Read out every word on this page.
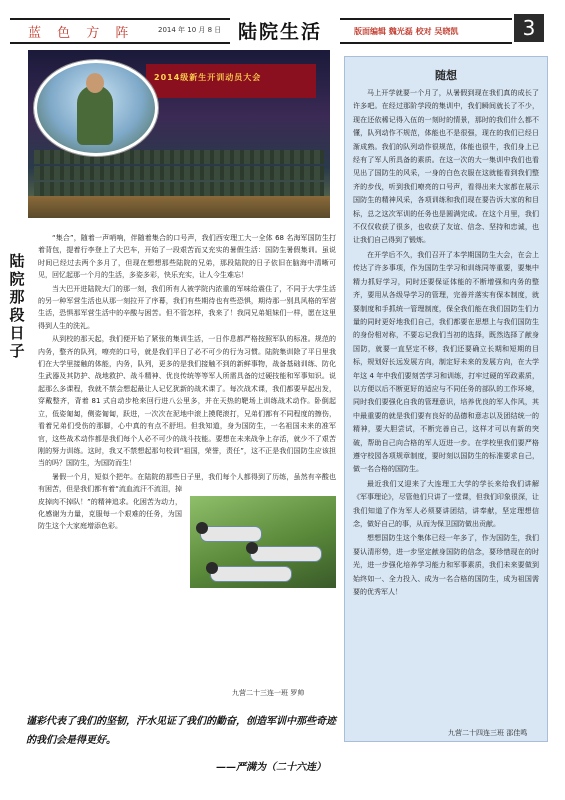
蓝 色 方 阵	2014 年 10 月 8 日 陆院生活	版面编辑 魏光磊 校对 吴晓凯	3
2014级新生开训动员大会
陆院那段日子

“集合”，随着一声哨响，伴随着集合的口号声，我们西安理工大一全体 68 名海军国防生打着背包，提着行李登上了大巴车，开始了一段艰苦而又充实的暑假生活：国防生暑假集训。虽说时间已经过去两个多月了，但现在想想那些陆院的兄弟，那段陆院的日子依旧在脑海中清晰可见，回忆起那一个月的生活，多姿多彩，快乐充实，让人今生难忘！

当大巴开进陆院大门的那一刻，我们所有人被学院内浓重的军味给震住了，不同于大学生活的另一种军营生活也从那一刻拉开了序幕，我们有些期待也有些恐惧，期待那一别具风格的军营生活，恐惧那军营生活中的辛酸与困苦。但不管怎样，我来了！我同兄弟姐妹们一样，愿在这里得到人生的洗礼。

从到校的那天起，我们便开始了紧张的集训生活，一日作息都严格按照军队的标准。规范的内务，整齐的队列，嘹亮的口号，就是我们平日了必不可少的行为习惯。陆院集训除了平日里我们在大学里接触的体能，内务，队列，更多的是我们接触不到的新鲜事物，战备基础训练、防化生武器及其防护、战地救护、战斗精神、优良传统等等军人所需具备的过硬技能和军事知识。说起那么多课程，我就不禁会想起最让人记忆犹新的战术课了。每次战术课，我们都要早起出发，穿戴整齐，背着 81 式自动步枪来回行进八公里多，并在天热的靶场上训练战术动作。卧倒起立，低姿匍匐，侧姿匍匐，跃进，一次次在泥地中滚上摸爬滚打，兄弟们都有不同程度的擦伤，看着兄弟们受伤的那脚，心中真的有点不舒坦。但我知道，身为国防生，一名祖国未来的准军官，这些战术动作都是我们每个人必不可少的战斗技能。要想在未来战争上存活，就少不了艰苦刚的努力训练。这时，我又不禁想起那句校训“祖国，荣誉，责任”，这不正是我们国防生应该担当的吗？国防生，为国防而生！

暑假一个月，短似个把年。在陆院的那些日子里，我们每个人都得到了历练，虽然有辛酸也有困苦，但是我们都有着“流血流汗不流泪，掉皮掉肉不掉队！”的精神追求。化困苦为动力，化感谢为力量，克服每一个艰难的任务，为国防生这个大家庭增添色彩。

九营二十三连一班 罗帅
谨彩代表了我们的坚韧，汗水见证了我们的勤奋，创造军训中那些奇迹的我们会是得更好。
——严满为（二十六连）
随想

马上开学就要一个月了，从暑假到现在我们真的成长了许多吧。在经过那阶学段的集训中，我们瞬间就长了不少，现在还依稀记得入伍的一刻时的情景，那时的我们什么都不懂，队列动作不规范，体能也不是很强，现在的我们已经日渐成熟。我们的队列动作很规范，体能也很牛，我们身上已经有了军人所具备的素质。在这一次的大一集训中我们也看见出了国防生的风采，一身的白色衣服在这就能看到我们整齐的步伐，听到我们嘹亮的口号声，看得出来大家都在展示国防生的精神风采，各项训练和我们现在要告诉大家的和目标，总之这次军训的任务也是圆满完成。在这个月里，我们不仅仅收获了很多，也收获了友谊、信念、坚持和忠诚，也让我们自己得到了锻炼。

在开学后不久，我们召开了本学期国防生大会，在会上传达了许多事项，作为国防生学习和训练同等重要，要集中精力抓好学习，同时还要保证体能的不断增强和内务的整齐，要用从各级导学习的管理，完善并落实有保本制度，就要制度和手抓统一管理制度，保全我们能在我们国防生们力量的同时更好地我们自己，我们都要在思想上与我们国防生的身份相对称，不要忘记我们当初的选择，既然选择了献身国防，就要一直坚定不移，我们还要确立长期和短期的目标，规划好长远发展方向，制定好未来的发展方向，在大学年这 4 年中我们要刻苦学习和训练，打牢过硬的军政素质，以方便以后不断更好的适应与不同任务的部队的工作环境，同时我们要强化自我的管理意识，培养优良的军人作风，其中最重要的就是我们要有良好的品德和意志以及团结统一的精神，要大胆尝试，不断完善自己，这样才可以有新的突破，帮助自己向合格的军人迈进一步。在学校里我们要严格遵守校园各项规章制度，要时刻以国防生的标准要求自己，做一名合格的国防生。

最近我们又迎来了大连理工大学的学长来给我们讲解《军事理论》，尽管他们只讲了一堂课，但我们印象很深，让我们知道了作为军人必须要讲团结，讲奉献，坚定理想信念，做好自己的事，从而为保卫国防做出贡献。

想想国防生这个集体已经一年多了，作为国防生，我们要认清形势，进一步坚定献身国防的信念，要珍惜现在的时光，进一步强化培养学习能力和军事素质，我们未来要做到始终如一、全力投入、成为一名合格的国防生，成为祖国需要的优秀军人！

九营二十四连三班 邵佳鸣
